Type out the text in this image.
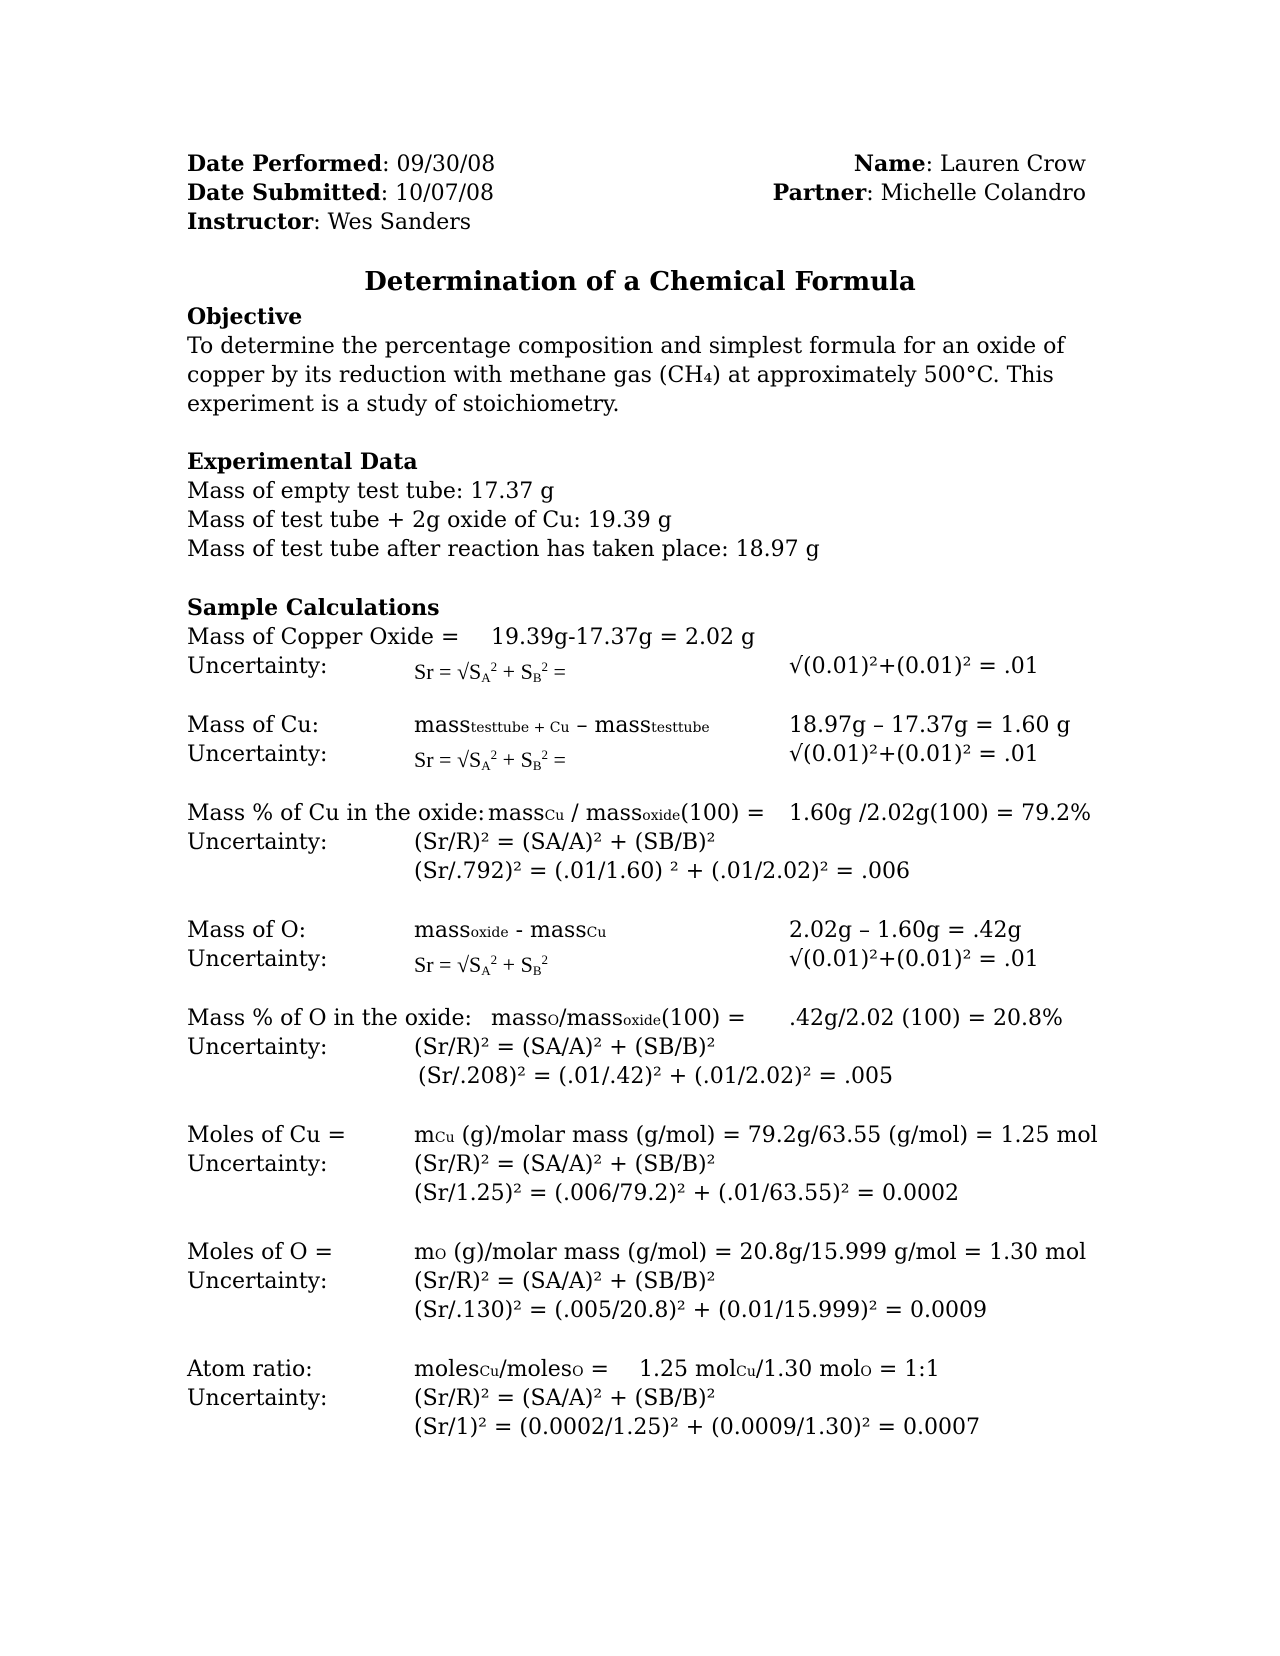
Date Performed: 09/30/08
Date Submitted: 10/07/08
Instructor: Wes Sanders
Name: Lauren Crow
Partner: Michelle Colandro
Determination of a Chemical Formula
Objective
To determine the percentage composition and simplest formula for an oxide of
copper by its reduction with methane gas (CH₄) at approximately 500°C. This
experiment is a study of stoichiometry.
Experimental Data
Mass of empty test tube: 17.37 g
Mass of test tube + 2g oxide of Cu: 19.39 g
Mass of test tube after reaction has taken place: 18.97 g
Sample Calculations
Mass of Copper Oxide = 19.39g-17.37g = 2.02 g
Uncertainty:	$Sr = √S_A^2 + S_B^2$ =	√(0.01)²+(0.01)² = .01
Mass of Cu:	masstesttube + Cu – masstesttube	18.97g – 17.37g = 1.60 g
Uncertainty:	$Sr = √S_A^2 + S_B^2$ =	√(0.01)²+(0.01)² = .01
Mass % of Cu in the oxide: massCu / massoxide(100) = 1.60g /2.02g(100) = 79.2%
Uncertainty:	(Sr/R)² = (SA/A)² + (SB/B)²
(Sr/.792)² = (.01/1.60) ² + (.01/2.02)² = .006
Mass of O:	massoxide - massCu	2.02g – 1.60g = .42g
Uncertainty:	$Sr = √S_A^2 + S_B^2$	√(0.01)²+(0.01)² = .01
Mass % of O in the oxide: massO/massoxide(100) = .42g/2.02 (100) = 20.8%
Uncertainty:	(Sr/R)² = (SA/A)² + (SB/B)²
(Sr/.208)² = (.01/.42)² + (.01/2.02)² = .005
Moles of Cu =	mCu (g)/molar mass (g/mol) = 79.2g/63.55 (g/mol) = 1.25 mol
Uncertainty:	(Sr/R)² = (SA/A)² + (SB/B)²
(Sr/1.25)² = (.006/79.2)² + (.01/63.55)² = 0.0002
Moles of O =	mO (g)/molar mass (g/mol) = 20.8g/15.999 g/mol = 1.30 mol
Uncertainty:	(Sr/R)² = (SA/A)² + (SB/B)²
(Sr/.130)² = (.005/20.8)² + (0.01/15.999)² = 0.0009
Atom ratio:	molesCu/molesO = 1.25 molCu/1.30 molO = 1:1
Uncertainty:	(Sr/R)² = (SA/A)² + (SB/B)²
(Sr/1)² = (0.0002/1.25)² + (0.0009/1.30)² = 0.0007
